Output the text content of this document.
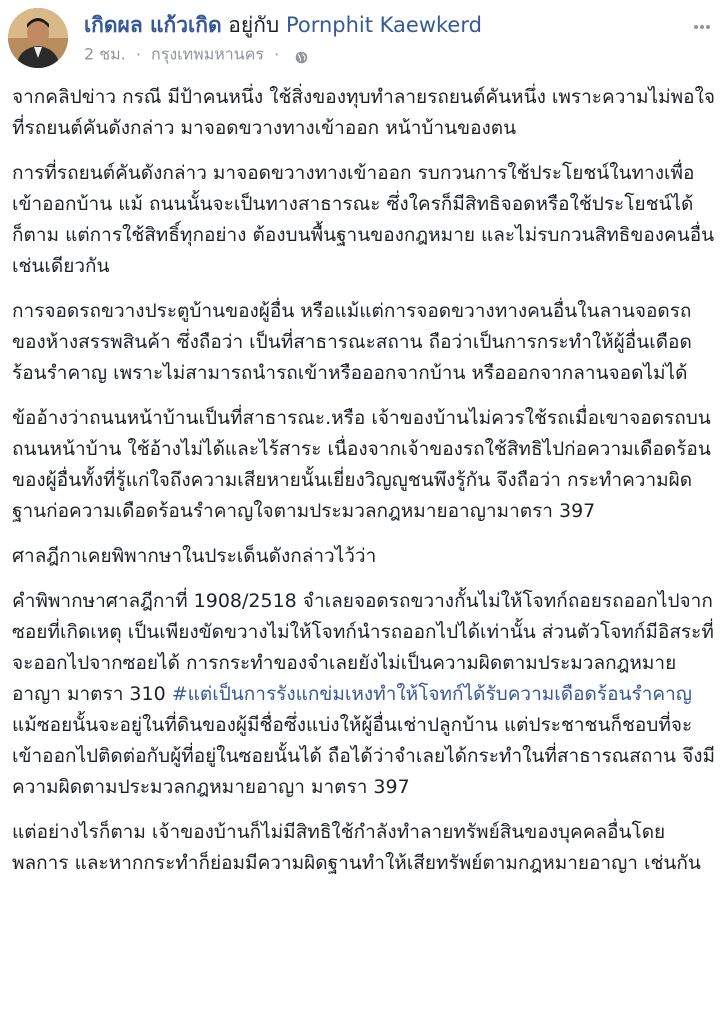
เกิดผล แก้วเกิด อยู่กับ Pornphit Kaewkerd
2 ชม. · กรุงเทพมหานคร ·

จากคลิปข่าว กรณี มีป้าคนหนึ่ง ใช้สิ่งของทุบทำลายรถยนต์คันหนึ่ง เพราะความไม่พอใจ ที่รถยนต์คันดังกล่าว มาจอดขวางทางเข้าออก หน้าบ้านของตน

การที่รถยนต์คันดังกล่าว มาจอดขวางทางเข้าออก รบกวนการใช้ประโยชน์ในทางเพื่อเข้าออกบ้าน แม้ ถนนนั้นจะเป็นทางสาธารณะ ซึ่งใครก็มีสิทธิจอดหรือใช้ประโยชน์ได้ก็ตาม แต่การใช้สิทธิ์ทุกอย่าง ต้องบนพื้นฐานของกฎหมาย และไม่รบกวนสิทธิของคนอื่นเช่นเดียวกัน

การจอดรถขวางประตูบ้านของผู้อื่น หรือแม้แต่การจอดขวางทางคนอื่นในลานจอดรถของห้างสรรพสินค้า ซึ่งถือว่า เป็นที่สาธารณะสถาน ถือว่าเป็นการกระทำให้ผู้อื่นเดือดร้อนรำคาญ เพราะไม่สามารถนำรถเข้าหรือออกจากบ้าน หรือออกจากลานจอดไม่ได้

ข้ออ้างว่าถนนหน้าบ้านเป็นที่สาธารณะ.หรือ เจ้าของบ้านไม่ควรใช้รถเมื่อเขาจอดรถบนถนนหน้าบ้าน ใช้อ้างไม่ได้และไร้สาระ เนื่องจากเจ้าของรถใช้สิทธิไปก่อความเดือดร้อนของผู้อื่นทั้งที่รู้แก่ใจถึงความเสียหายนั้นเยี่ยงวิญญูชนพึงรู้กัน จึงถือว่า กระทำความผิดฐานก่อความเดือดร้อนรำคาญใจตามประมวลกฎหมายอาญามาตรา 397

ศาลฎีกาเคยพิพากษาในประเด็นดังกล่าวไว้ว่า

คำพิพากษาศาลฎีกาที่ 1908/2518 จำเลยจอดรถขวางกั้นไม่ให้โจทก์ถอยรถออกไปจากซอยที่เกิดเหตุ เป็นเพียงขัดขวางไม่ให้โจทก์นำรถออกไปได้เท่านั้น ส่วนตัวโจทก์มีอิสระที่จะออกไปจากซอยได้ การกระทำของจำเลยยังไม่เป็นความผิดตามประมวลกฎหมายอาญา มาตรา 310 #แต่เป็นการรังแกข่มเหงทำให้โจทก์ได้รับความเดือดร้อนรำคาญ แม้ซอยนั้นจะอยู่ในที่ดินของผู้มีชื่อซึ่งแบ่งให้ผู้อื่นเช่าปลูกบ้าน แต่ประชาชนก็ชอบที่จะเข้าออกไปติดต่อกับผู้ที่อยู่ในซอยนั้นได้ ถือได้ว่าจำเลยได้กระทำในที่สาธารณสถาน จึงมีความผิดตามประมวลกฎหมายอาญา มาตรา 397

แต่อย่างไรก็ตาม เจ้าของบ้านก็ไม่มีสิทธิใช้กำลังทำลายทรัพย์สินของบุคคลอื่นโดยพลการ และหากกระทำก็ย่อมมีความผิดฐานทำให้เสียทรัพย์ตามกฎหมายอาญา เช่นกัน
